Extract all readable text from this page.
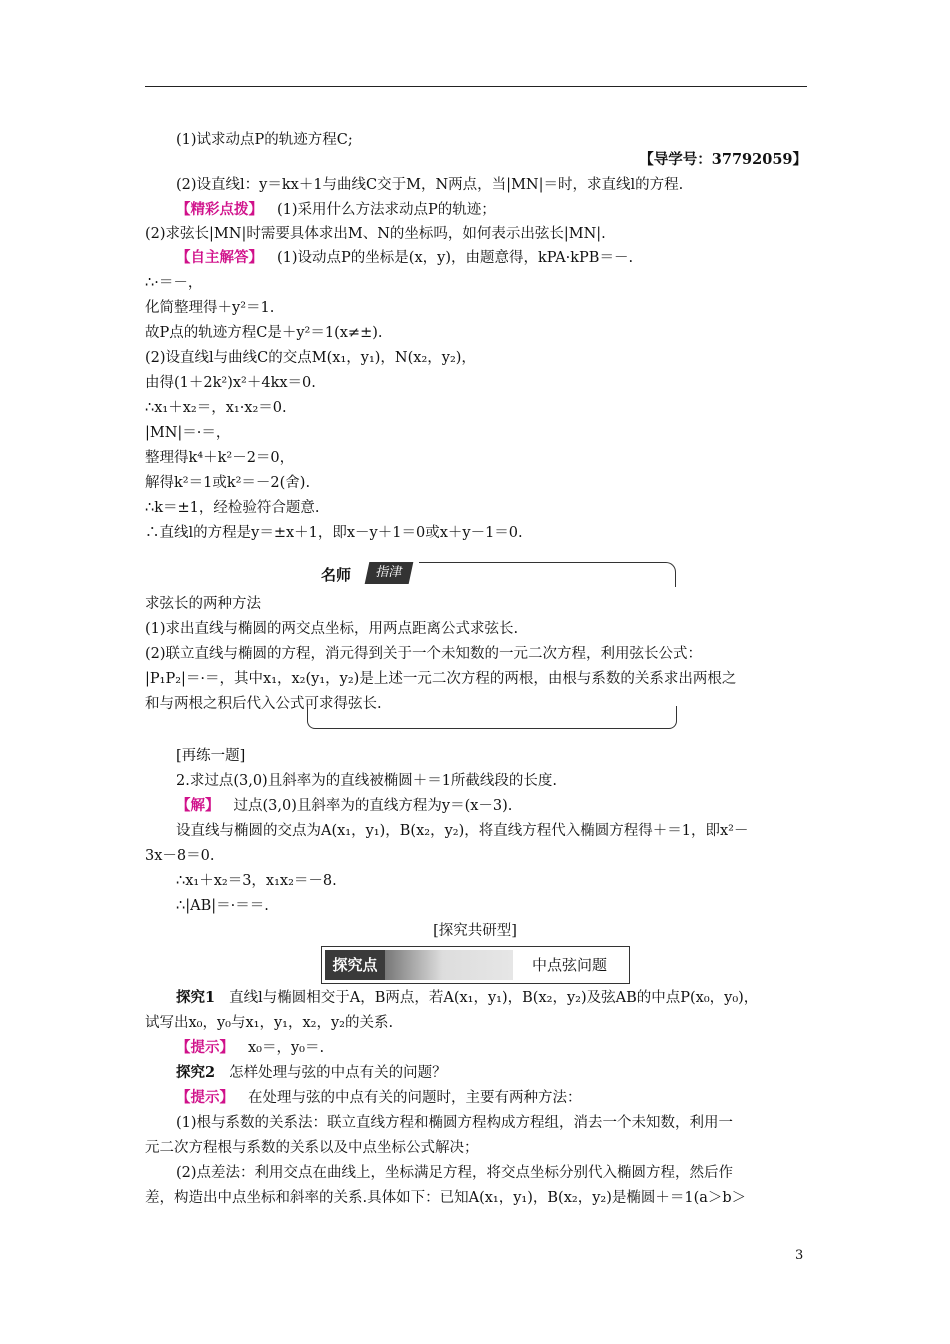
(1)试求动点P的轨迹方程C;
【导学号：37792059】
(2)设直线l：y＝kx＋1与曲线C交于M，N两点，当|MN|＝时，求直线l的方程.
【精彩点拨】 (1)采用什么方法求动点P的轨迹；
(2)求弦长|MN|时需要具体求出M、N的坐标吗，如何表示出弦长|MN|.
【自主解答】 (1)设动点P的坐标是(x，y)，由题意得，kPA·kPB＝－.
∴·＝－，
化简整理得＋y²＝1.
故P点的轨迹方程C是＋y²＝1(x≠±).
(2)设直线l与曲线C的交点M(x₁，y₁)，N(x₂，y₂)，
由得(1＋2k²)x²＋4kx＝0.
∴x₁＋x₂＝，x₁·x₂＝0.
|MN|＝·＝，
整理得k⁴＋k²－2＝0，
解得k²＝1或k²＝－2(舍).
∴k＝±1，经检验符合题意.
∴直线l的方程是y＝±x＋1，即x－y＋1＝0或x＋y－1＝0.
名师	指津
求弦长的两种方法
(1)求出直线与椭圆的两交点坐标，用两点距离公式求弦长.
(2)联立直线与椭圆的方程，消元得到关于一个未知数的一元二次方程，利用弦长公式：
|P₁P₂|＝·＝，其中x₁，x₂(y₁，y₂)是上述一元二次方程的两根，由根与系数的关系求出两根之
和与两根之积后代入公式可求得弦长.
[再练一题]
2.求过点(3,0)且斜率为的直线被椭圆＋＝1所截线段的长度.
【解】 过点(3,0)且斜率为的直线方程为y＝(x－3).
设直线与椭圆的交点为A(x₁，y₁)，B(x₂，y₂)，将直线方程代入椭圆方程得＋＝1，即x²－
3x－8＝0.
∴x₁＋x₂＝3，x₁x₂＝－8.
∴|AB|＝·＝＝.
[探究共研型]
探究点	中点弦问题
探究1 直线l与椭圆相交于A，B两点，若A(x₁，y₁)，B(x₂，y₂)及弦AB的中点P(x₀，y₀)，
试写出x₀，y₀与x₁，y₁，x₂，y₂的关系.
【提示】 x₀＝，y₀＝.
探究2 怎样处理与弦的中点有关的问题？
【提示】 在处理与弦的中点有关的问题时，主要有两种方法：
(1)根与系数的关系法：联立直线方程和椭圆方程构成方程组，消去一个未知数，利用一
元二次方程根与系数的关系以及中点坐标公式解决；
(2)点差法：利用交点在曲线上，坐标满足方程，将交点坐标分别代入椭圆方程，然后作
差，构造出中点坐标和斜率的关系.具体如下：已知A(x₁，y₁)，B(x₂，y₂)是椭圆＋＝1(a＞b＞
3
